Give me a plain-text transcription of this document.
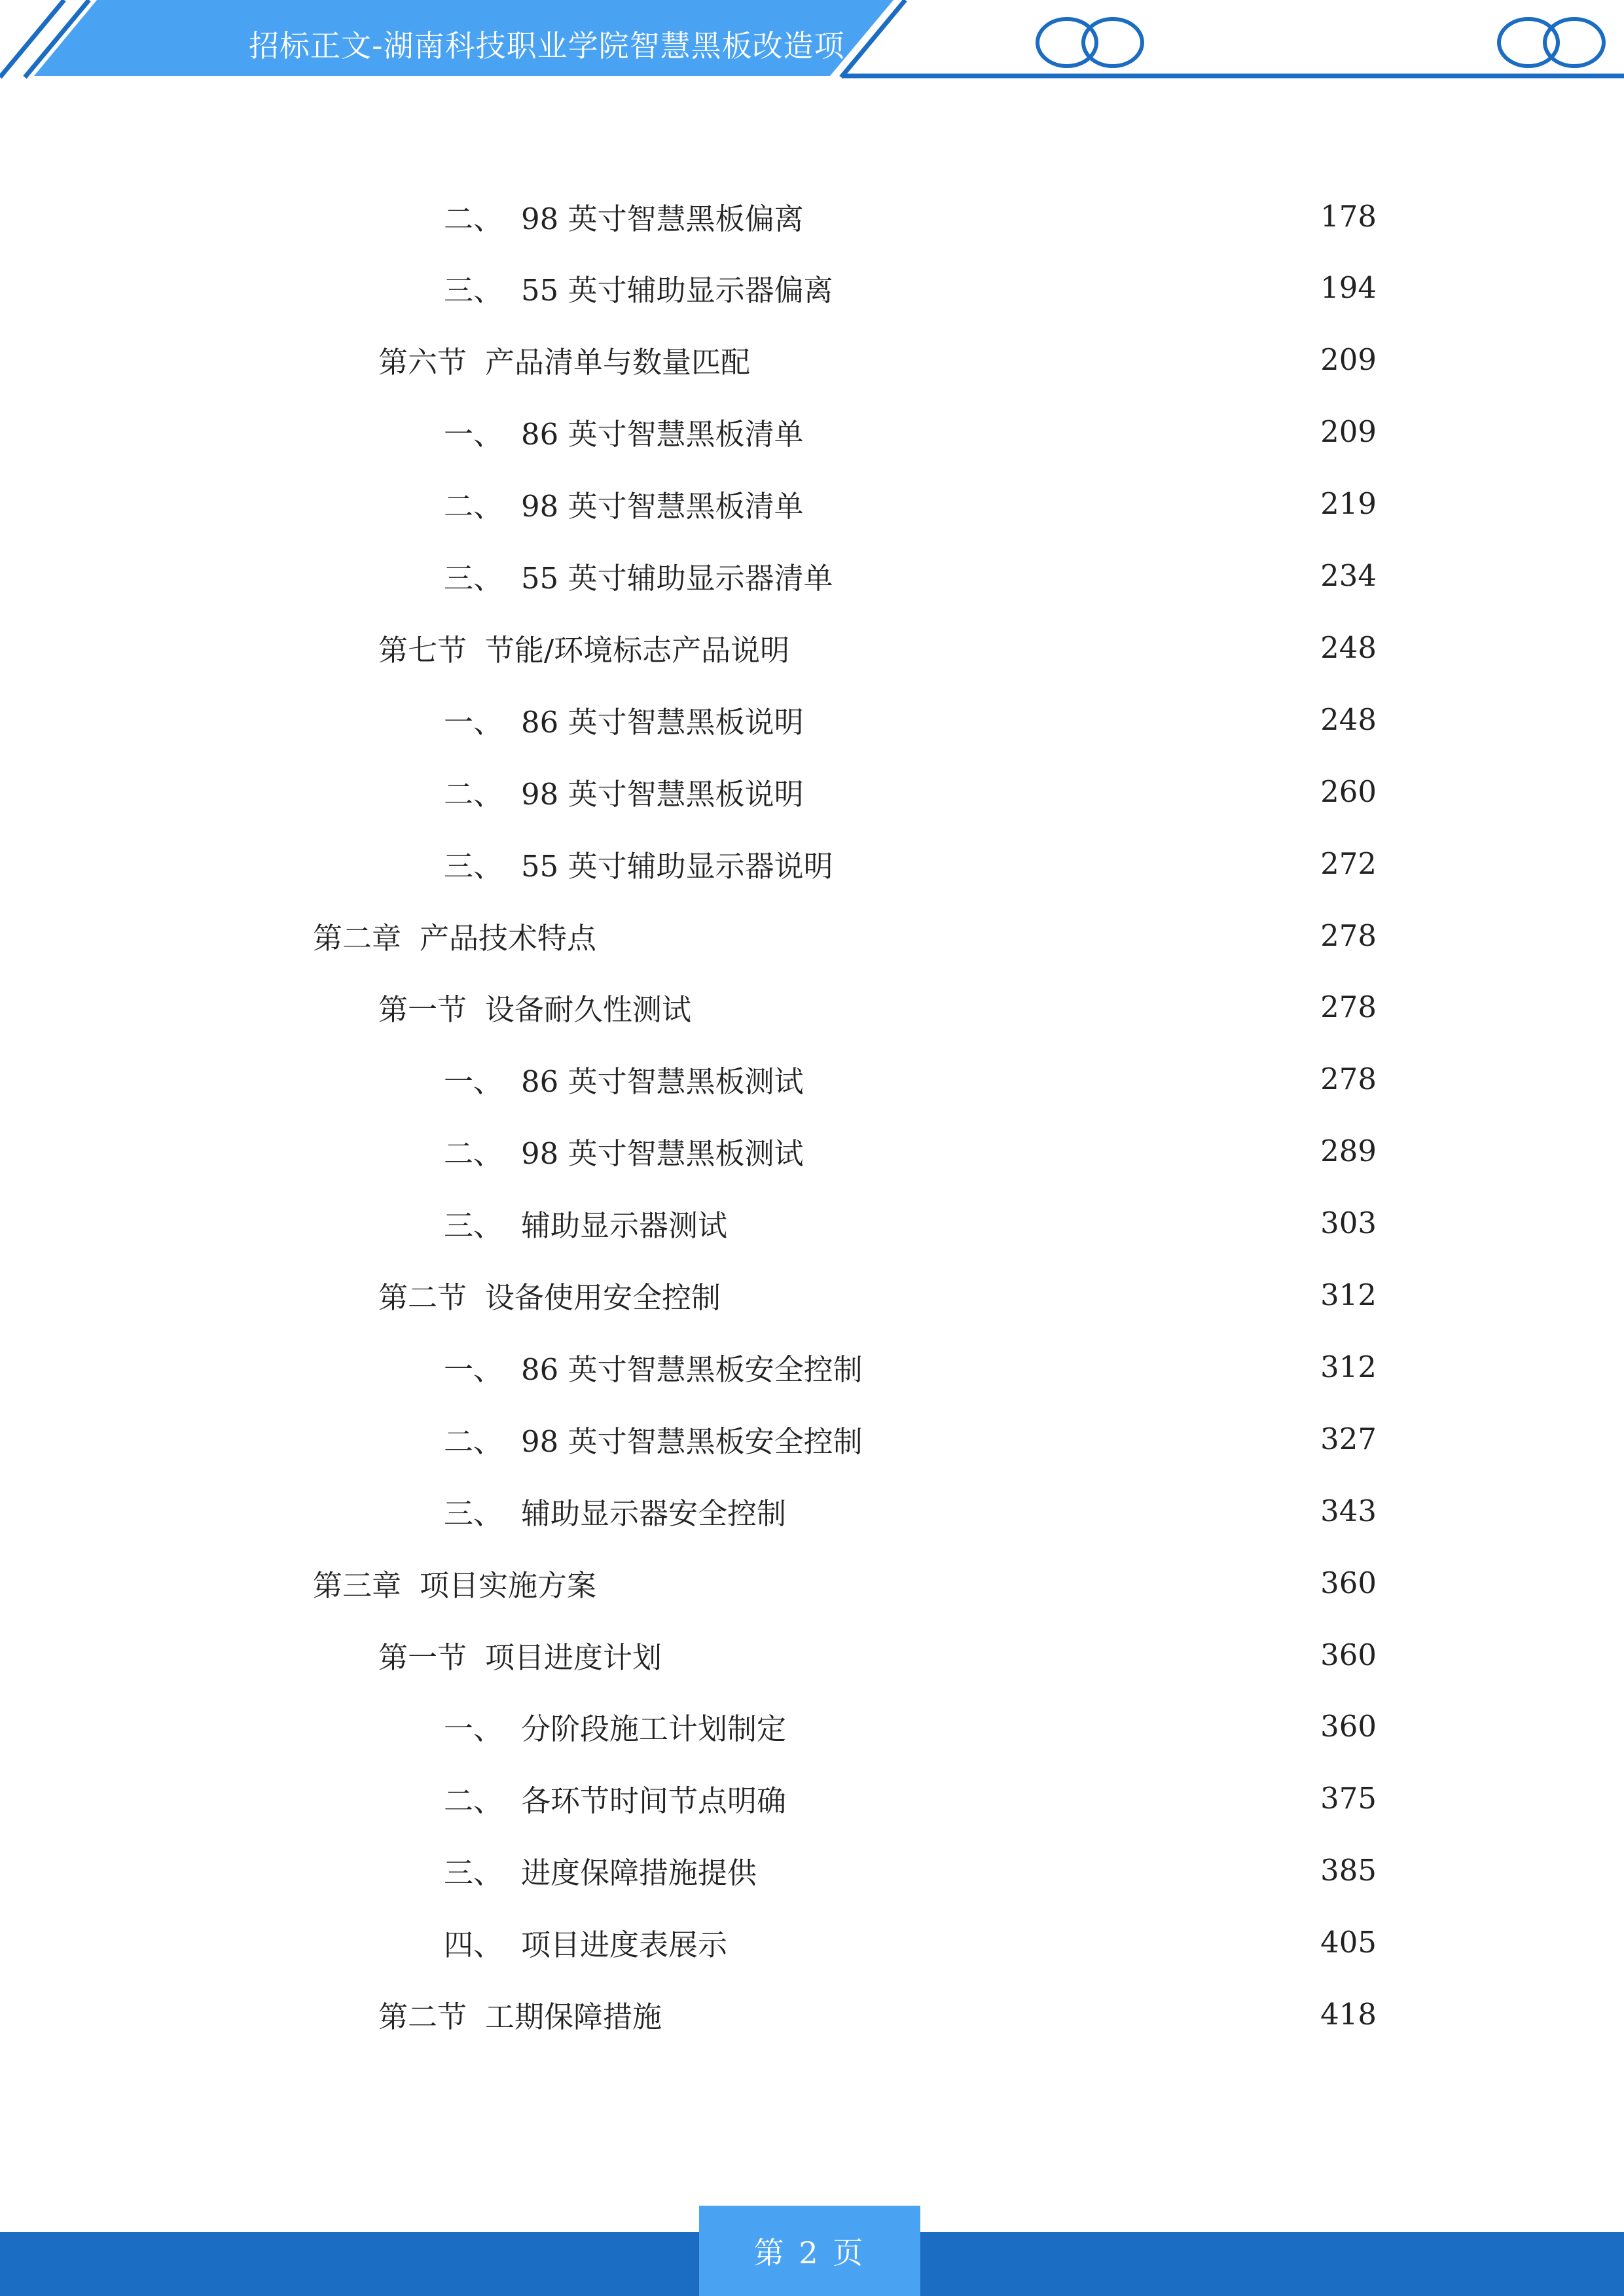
招标正文-湖南科技职业学院智慧黑板改造项
二、 98 英寸智慧黑板偏离	178
三、 55 英寸辅助显示器偏离	194
第六节 产品清单与数量匹配	209
一、 86 英寸智慧黑板清单	209
二、 98 英寸智慧黑板清单	219
三、 55 英寸辅助显示器清单	234
第七节 节能/环境标志产品说明	248
一、 86 英寸智慧黑板说明	248
二、 98 英寸智慧黑板说明	260
三、 55 英寸辅助显示器说明	272
第二章 产品技术特点	278
第一节 设备耐久性测试	278
一、 86 英寸智慧黑板测试	278
二、 98 英寸智慧黑板测试	289
三、 辅助显示器测试	303
第二节 设备使用安全控制	312
一、 86 英寸智慧黑板安全控制	312
二、 98 英寸智慧黑板安全控制	327
三、 辅助显示器安全控制	343
第三章 项目实施方案	360
第一节 项目进度计划	360
一、 分阶段施工计划制定	360
二、 各环节时间节点明确	375
三、 进度保障措施提供	385
四、 项目进度表展示	405
第二节 工期保障措施	418
第 2 页
